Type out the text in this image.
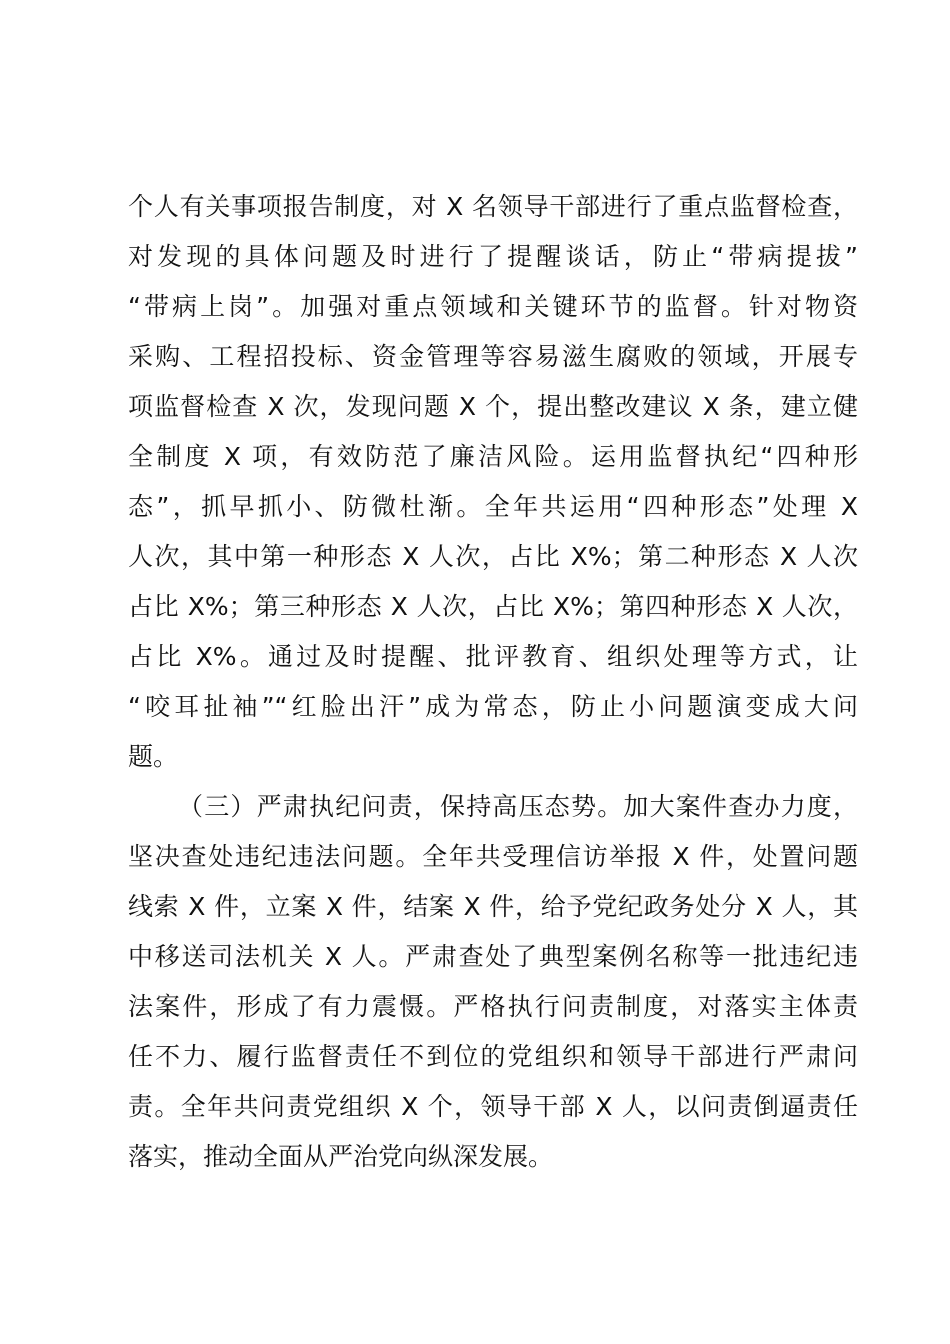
个人有关事项报告制度，对 X 名领导干部进行了重点监督检查，
对发现的具体问题及时进行了提醒谈话，防止“带病提拔”
“带病上岗”。加强对重点领域和关键环节的监督。针对物资
采购、工程招投标、资金管理等容易滋生腐败的领域，开展专
项监督检查 X 次，发现问题 X 个，提出整改建议 X 条，建立健
全制度 X 项，有效防范了廉洁风险。运用监督执纪“四种形
态”，抓早抓小、防微杜渐。全年共运用“四种形态”处理 X
人次，其中第一种形态 X 人次，占比 X%；第二种形态 X 人次
占比 X%；第三种形态 X 人次，占比 X%；第四种形态 X 人次，
占比 X%。通过及时提醒、批评教育、组织处理等方式，让
“咬耳扯袖”“红脸出汗”成为常态，防止小问题演变成大问
题。
（三）严肃执纪问责，保持高压态势。加大案件查办力度，
坚决查处违纪违法问题。全年共受理信访举报 X 件，处置问题
线索 X 件，立案 X 件，结案 X 件，给予党纪政务处分 X 人，其
中移送司法机关 X 人。严肃查处了典型案例名称等一批违纪违
法案件，形成了有力震慑。严格执行问责制度，对落实主体责
任不力、履行监督责任不到位的党组织和领导干部进行严肃问
责。全年共问责党组织 X 个，领导干部 X 人，以问责倒逼责任
落实，推动全面从严治党向纵深发展。
